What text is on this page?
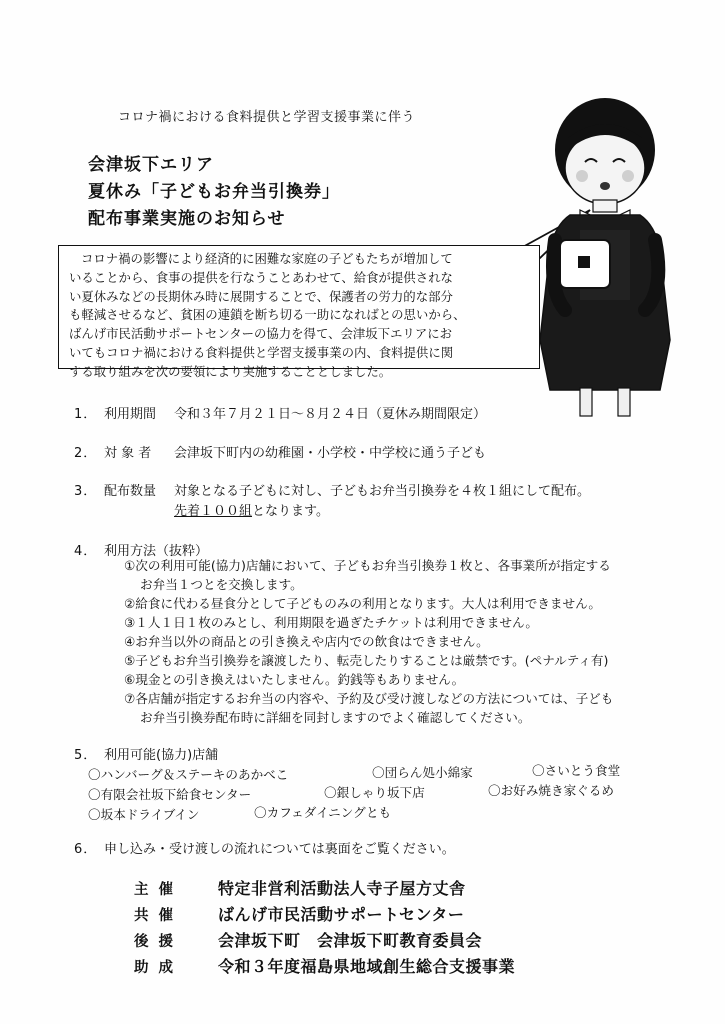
コロナ禍における食料提供と学習支援事業に伴う
会津坂下エリア
夏休み「子どもお弁当引換券」
配布事業実施のお知らせ
コロナ禍の影響により経済的に困難な家庭の子どもたちが増加して
いることから、食事の提供を行なうことあわせて、給食が提供されな
い夏休みなどの長期休み時に展開することで、保護者の労力的な部分
も軽減させるなど、貧困の連鎖を断ち切る一助になればとの思いから、
ばんげ市民活動サポートセンターの協力を得て、会津坂下エリアにお
いてもコロナ禍における食料提供と学習支援事業の内、食料提供に関
する取り組みを次の要領により実施することとしました。
1． 利用期間 令和３年７月２１日～８月２４日（夏休み期間限定）
2． 対 象 者 会津坂下町内の幼稚園・小学校・中学校に通う子ども
3． 配布数量 対象となる子どもに対し、子どもお弁当引換券を４枚１組にして配布。
先着１００組となります。
4． 利用方法（抜粋）
①次の利用可能(協力)店舗において、子どもお弁当引換券１枚と、各事業所が指定する
お弁当１つとを交換します。
②給食に代わる昼食分として子どものみの利用となります。大人は利用できません。
③１人１日１枚のみとし、利用期限を過ぎたチケットは利用できません。
④お弁当以外の商品との引き換えや店内での飲食はできません。
⑤子どもお弁当引換券を譲渡したり、転売したりすることは厳禁です。(ペナルティ有)
⑥現金との引き換えはいたしません。釣銭等もありません。
⑦各店舗が指定するお弁当の内容や、予約及び受け渡しなどの方法については、子ども
お弁当引換券配布時に詳細を同封しますのでよく確認してください。
5． 利用可能(協力)店舗
〇ハンバーグ＆ステーキのあかべこ	〇団らん処小綿家	〇さいとう食堂
〇有限会社坂下給食センター	〇銀しゃり坂下店	〇お好み焼き家ぐるめ
〇坂本ドライブイン	〇カフェダイニングとも
6． 申し込み・受け渡しの流れについては裏面をご覧ください。
主催 特定非営利活動法人寺子屋方丈舎
共催 ばんげ市民活動サポートセンター
後援 会津坂下町　会津坂下町教育委員会
助成 令和３年度福島県地域創生総合支援事業
